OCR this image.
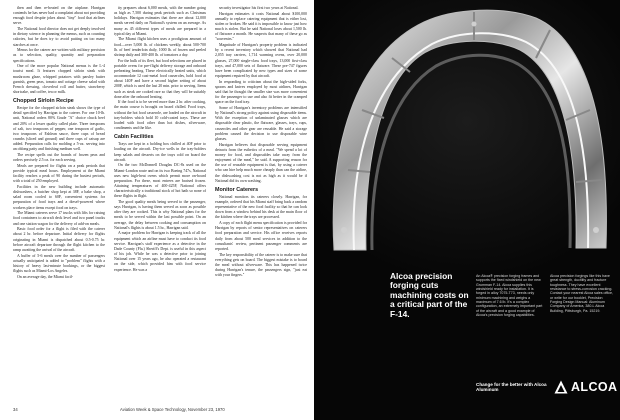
then and then re-heated on the airplane. Harrigan contends he has never had a complaint about not providing enough food despite jokes about "tiny" food that airlines serve.

The National food director does not get deeply involved in dietary science in planning the menus, such as counting calories, but he does try to avoid putting on too many starches at once.

Menus for the caterer are written with military precision as to selection, quality, quantity and preparation specifications.

One of the more popular National menus is the L-4 tourist meal. It features chopped sirloin steak with mushroom glaze, whipped potatoes with parsley butter garnish, green peas, tomato and cottage cheese salad with French dressing, cloverleaf roll and butter, strawberry shortcake, and coffee, tea or milk.

Chopped Sirloin Recipe

Recipe for the chopped sirloin steak shows the type of detail specified by Harrigan to the caterer. For one 10-lb. unit, National orders 80% Grade "A" choice chuck beef and 20% of a lesser quality called plate. Three teaspoons of salt, two teaspoons of pepper, one teaspoon of garlic, two teaspoons of Eshlean sauce, three cups of bread crumbs (sliced and ground) and three cups of catsup are added. Preparation calls for molding a 5-oz. serving into an oblong patty and finishing medium well.

The recipe spells out the brands of frozen peas and orders precisely 2.5 oz. for each serving.

Meals are prepared for flights on a peak periods that provide typical meal hours. Employment at the Miami facility reaches a peak of 90 during the busiest periods, with a total of 250 employed.

Facilities in the new building include automatic dishwashers, a butcher shop kept at 38F, a bake shop, a salad room cooled to 60F, convenient systems for preparation of food trays and a diesel-powered where workers place items except food on trays.

The Miami caterers serve 17 trucks with lifts for raising food containers to aircraft deck level and two panel trucks and one station wagon for the delivery of add-on meals.

Basic food order for a flight is filed with the caterer about 2 hr. before departure. Initial delivery for flights originating in Miami is dispatched about 0.5-0.75 hr. before aircraft departure through the flight kitchen to the ramp awaiting the arrival of the aircraft.

A buffer of 5-6 meals over the number of passengers actually anticipated is added to "problem" flights with a history of heavy last-minute bookings, or the biggest flights such as Miami-Los Angeles.

On an average day, the Miami facil-

ity prepares about 6,000 meals, with the number going as high as 7,500 during peak periods such as Christmas holidays. Harrigan estimates that there are about 12,000 meals served daily on National's system on an average. As many as 45 different types of meals are prepared in a typical day at Miami.

The Miami flight kitchen uses a prodigious amount of food—over 5,000 lb. of chickens weekly, about 500-700 lb. of beef tenderloin daily, 1000 lb. of frozen and peeled shrimp daily and 300-400 lb. of tomatoes a day.

For the bulk of its fleet, but food selections are placed in portable ovens for pre-flight delivery storage and onboard preheating heating. These electrically heated units, which accommodate 12 cast-metal food casseroles, hold food at about 140F and have a second higher setting of about 200F, which is used the last 20 min. prior to serving. Items such as steak are cooked rare so that they will be suitably done after the onboard heating.

If the food is to be served more than 2 hr. after cooking, the main course is brought on board chilled. Food trays, without the hot food casserole, are loaded on the aircraft in tray-holders which hold 10 cold-coated trays. These are loaded with food other than hot dishes, silverware, condiments and the like.

Cabin Facilities

Trays are kept in a holding box chilled at 40F prior to loading on the aircraft. Dry-ice wells in the tray-holders keep salads and desserts on the trays cold on board the aircraft.

On the two McDonnell Douglas DC-8s used on the Miami-London route and on its two Boeing 747s, National uses new high-heat ovens which permit more on-board preparation. For these, most entrees are braised frozen. Attaining temperatures of 400-425F, National offers characteristically a traditional stock of hot bath so none of these flights in flight.

The good quality meals being served to the passenger, says Harrigan, is having them served as soon as possible after they are cooked. This is why National plans for the meals to be served within the last possible point. On an average, the delay between cooking and consumption on National's flights is about 1.5 hr., Harrigan said.

A major problem for Harrigan is keeping track of all the equipment which an airline must have to conduct its food service. Harrigan's staff experience as a detective in the Dade County (Fla.) Sheriff's Dept. is useful in this aspect of his job. While he was a detective prior to joining National over 15 years ago, he also operated a restaurant on the side, which provided him with food service experience. He was a

security investigator his first two years at National.

Harrigan estimates it costs National about $100,000 annually to replace catering equipment that is either lost, stolen or broken. He said it is impossible to know just how much is stolen. But he said National loses about 1,500 lb. of flatware a month. He suspects that many of these go as "souvenirs."

Magnitude of Harrigan's property problem is indicated by a recent inventory which showed that National had 2,055 tray carriers, 1,714 warming ovens, over 20,000 glasses, 27,000 single-class food trays, 13,000 first-class trays, and 47,000 sets of flatware. These pre-747 figures have been complicated by new types and sizes of some equipment required by that aircraft.

In responding to criticism about the high-sided forks, spoons and knives employed by most airlines, Harrigan said that he thought the smaller size was more convenient for the passenger to use and also fit better in the cramped space on the food tray.

Some of Harrigan's inventory problems are intensified by National's strong policy against using disposable items. With the exception of unlaminated glasses which are disposable clear plastic, the flatware, glasses, trays, cups, casseroles and other gear are reusable. He said a storage problem caused the decision to use disposable wine glasses.

Harrigan believes that disposable serving equipment detracts from the esthetics of a meal. "We spend a lot of money for food, and disposables take away from the enjoyment of the meal," he said. A supporting reason for the use of reusable equipment is that, by using a caterer who can hire help much more cheaply than can the airline, the dishwashing cost is not as high as it would be if National did its own washing.

Monitor Caterers

National monitors its caterers closely. Harrigan, for example, ordered that his Miami staff bring back a random representative of the new food facility so that he can look down from a window behind his desk at the main floor of the kitchen where the trays are processed.

A copy of each flight menu specification is provided for Harrigan by reports of senior representatives on caterers food preparation and service. His office receives reports daily from about 500 meal services in addition to the consultants' review, pertinent passenger comments are reported.

The key responsibility of the caterer is to make sure that everything gets on board. The biggest mistake is to board the meal without silverware. This has happened twice during Harrigan's tenure, the passengers sign, "just eat with your fingers."

34	Aviation Week & Space Technology, November 23, 1970
Alcoa precision forging cuts machining costs on a critical part of the F-14.
An Alcoa® precision forging frames and supports the fixed windshield on the new Grumman F-14. Alcoa supplies this windshield ready for installation. It is forged in alloy 7075-T73, needs only minimum machining and weighs a maximum of 7.6 lb. It's a complex configuration, an extremely important part of the aircraft and a good example of Alcoa's precision forging capabilities.
Alcoa precision forgings like this have great strength, ductility and fracture toughness. They have excellent resistance to stress-corrosion cracking. Contact your nearest Alcoa sales office, or write for our booklet, Precision Forging Design Manual: Aluminum Company of America, 380-L Alcoa Building, Pittsburgh, Pa. 15219.
Change for the better with Alcoa Aluminum	ALCOA
